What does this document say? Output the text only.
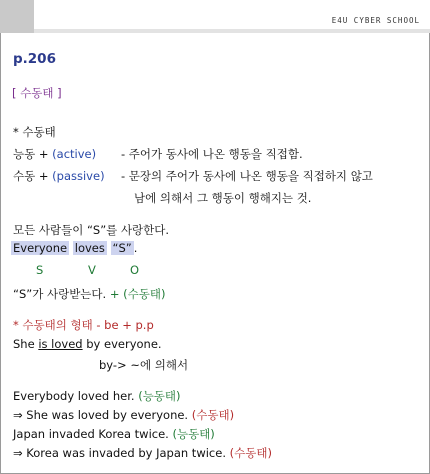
E4U CYBER SCHOOL
p.206
[ 수동태 ]
* 수동태
능동 + (active) - 주어가 동사에 나온 행동을 직접함.
수동 + (passive) - 문장의 주어가 동사에 나온 행동을 직접하지 않고
남에 의해서 그 행동이 행해지는 것.
모든 사람들이 “S”를 사랑한다.
Everyone loves “S” .
S	V	O
“S”가 사랑받는다. + (수동태)
* 수동태의 형태 - be + p.p
She is loved by everyone.
by-> ~에 의해서
Everybody loved her. (능동태)
⇒ She was loved by everyone. (수동태)
Japan invaded Korea twice. (능동태)
⇒ Korea was invaded by Japan twice. (수동태)
